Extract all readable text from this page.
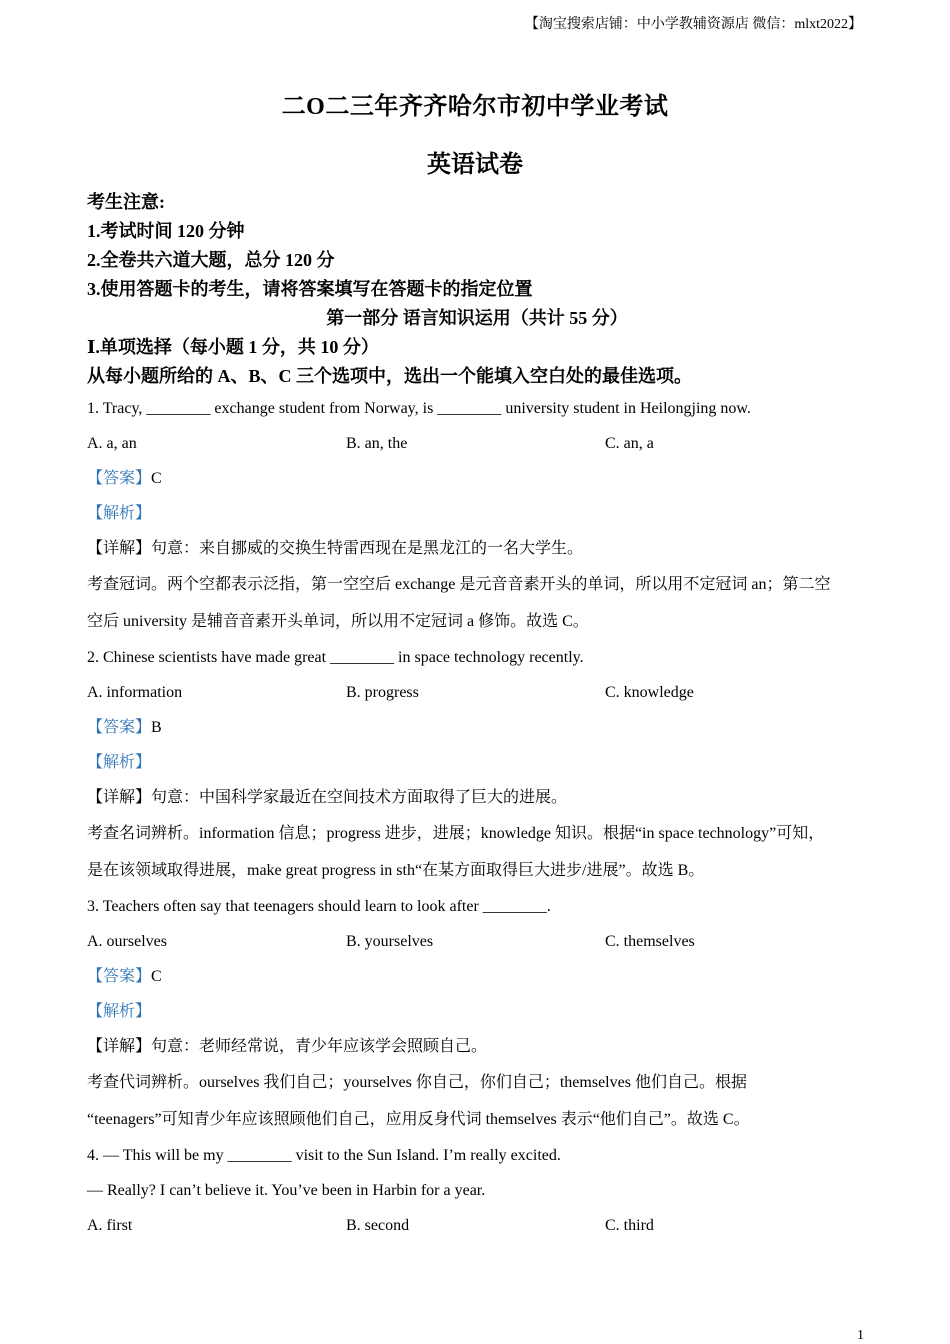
【淘宝搜索店铺：中小学教辅资源店 微信：mlxt2022】
二O二三年齐齐哈尔市初中学业考试
英语试卷
考生注意:
1.考试时间 120 分钟
2.全卷共六道大题，总分 120 分
3.使用答题卡的考生，请将答案填写在答题卡的指定位置
第一部分 语言知识运用（共计 55 分）
Ⅰ.单项选择（每小题 1 分，共 10 分）
从每小题所给的 A、B、C 三个选项中，选出一个能填入空白处的最佳选项。
1. Tracy, ________ exchange student from Norway, is ________ university student in Heilongjing now.
A. a, an	B. an, the	C. an, a
【答案】C
【解析】
【详解】句意：来自挪威的交换生特雷西现在是黑龙江的一名大学生。
考查冠词。两个空都表示泛指，第一空空后 exchange 是元音音素开头的单词，所以用不定冠词 an；第二空
空后 university 是辅音音素开头单词，所以用不定冠词 a 修饰。故选 C。
2. Chinese scientists have made great ________ in space technology recently.
A. information	B. progress	C. knowledge
【答案】B
【解析】
【详解】句意：中国科学家最近在空间技术方面取得了巨大的进展。
考查名词辨析。information 信息；progress 进步，进展；knowledge 知识。根据“in space technology”可知，
是在该领域取得进展，make great progress in sth“在某方面取得巨大进步/进展”。故选 B。
3. Teachers often say that teenagers should learn to look after ________.
A. ourselves	B. yourselves	C. themselves
【答案】C
【解析】
【详解】句意：老师经常说，青少年应该学会照顾自己。
考查代词辨析。ourselves 我们自己；yourselves 你自己，你们自己；themselves 他们自己。根据
“teenagers”可知青少年应该照顾他们自己，应用反身代词 themselves 表示“他们自己”。故选 C。
4. — This will be my ________ visit to the Sun Island. I’m really excited.
— Really? I can’t believe it. You’ve been in Harbin for a year.
A. first	B. second	C. third
1
